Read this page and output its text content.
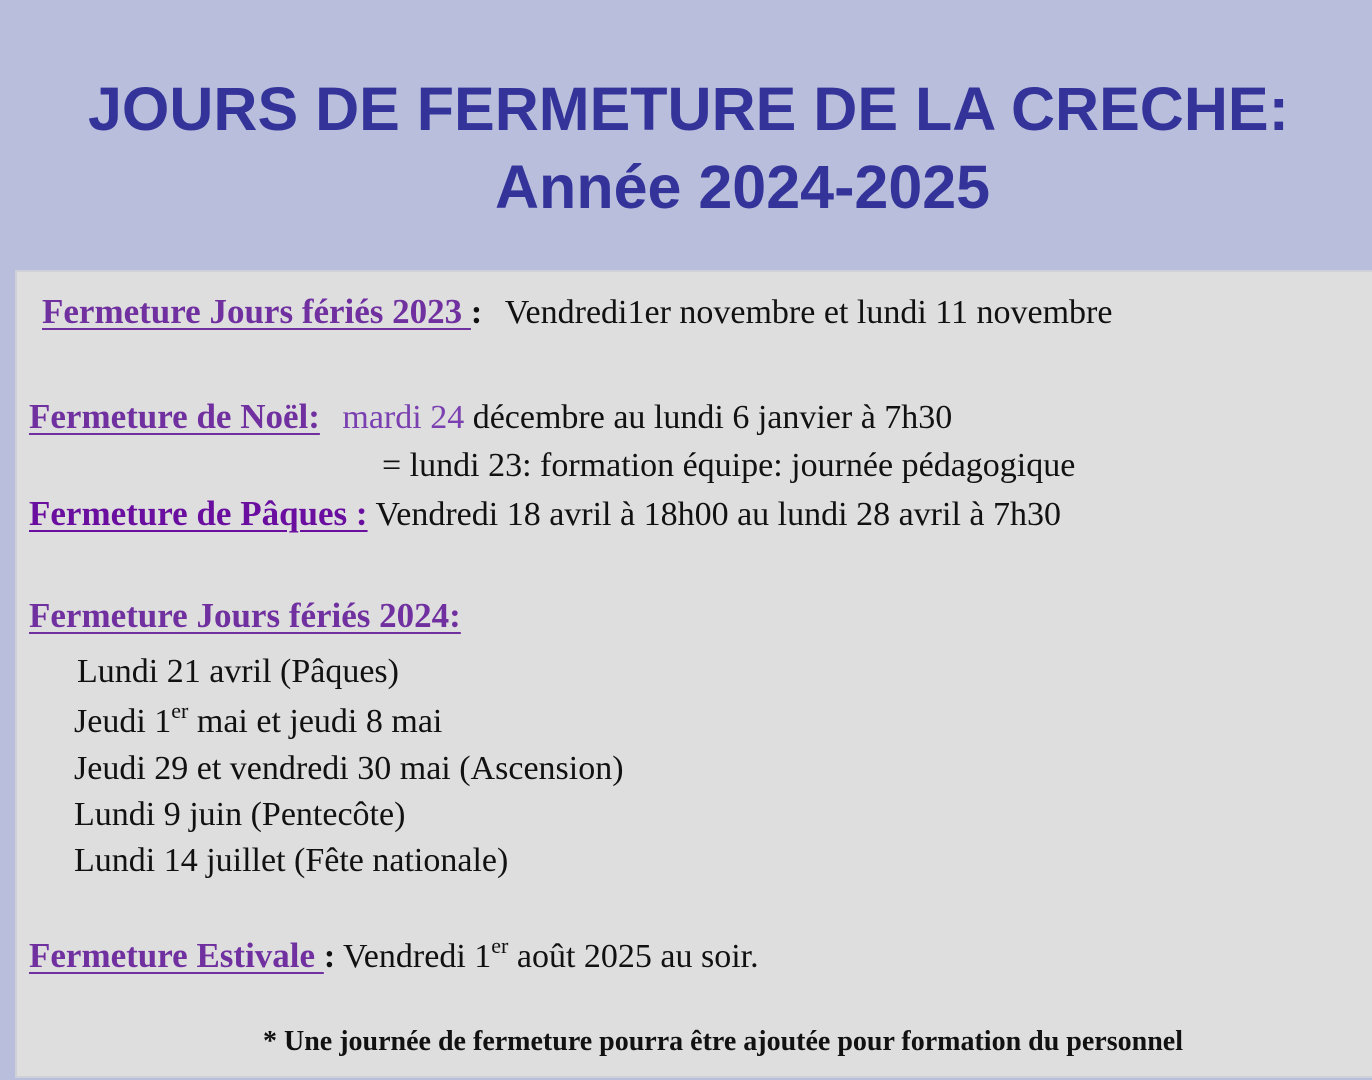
JOURS DE FERMETURE DE LA CRECHE:
Année 2024-2025
Fermeture Jours fériés 2023 : Vendredi1er novembre et lundi 11 novembre
Fermeture de Noël: mardi 24 décembre au lundi 6 janvier à 7h30
= lundi 23: formation équipe: journée pédagogique
Fermeture de Pâques : Vendredi 18 avril à 18h00 au lundi 28 avril à 7h30
Fermeture Jours fériés 2024:
Lundi 21 avril (Pâques)
Jeudi 1er mai et jeudi 8 mai
Jeudi 29 et vendredi 30 mai (Ascension)
Lundi 9 juin (Pentecôte)
Lundi 14 juillet (Fête nationale)
Fermeture Estivale : Vendredi 1er août 2025 au soir.
* Une journée de fermeture pourra être ajoutée pour formation du personnel
